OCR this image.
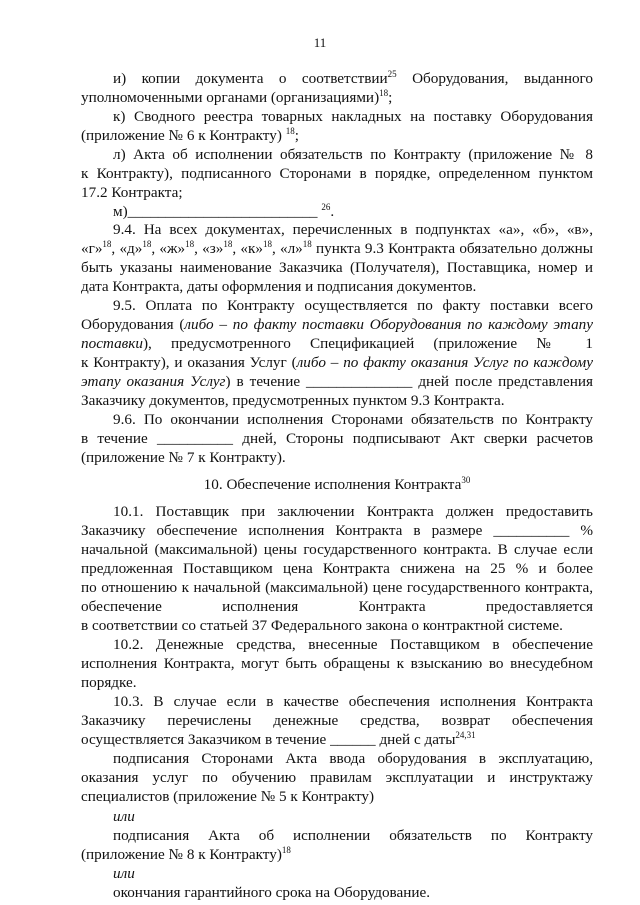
11
и) копии документа о соответствии$^{25}$ Оборудования, выданного
уполномоченными органами (организациями)$^{18}$;
к) Сводного реестра товарных накладных на поставку Оборудования
(приложение № 6 к Контракту) $^{18}$;
л) Акта об исполнении обязательств по Контракту (приложение № 8
к Контракту), подписанного Сторонами в порядке, определенном пунктом
17.2 Контракта;
м)_________________________ $^{26}$.
9.4. На всех документах, перечисленных в подпунктах «а», «б», «в»,
«г»$^{18}$, «д»$^{18}$, «ж»$^{18}$, «з»$^{18}$, «к»$^{18}$, «л»$^{18}$ пункта 9.3 Контракта обязательно должны
быть указаны наименование Заказчика (Получателя), Поставщика, номер и
дата Контракта, даты оформления и подписания документов.
9.5. Оплата по Контракту осуществляется по факту поставки всего
Оборудования (либо – по факту поставки Оборудования по каждому этапу
поставки), предусмотренного Спецификацией (приложение № 1
к Контракту), и оказания Услуг (либо – по факту оказания Услуг по каждому
этапу оказания Услуг) в течение ______________ дней после представления
Заказчику документов, предусмотренных пунктом 9.3 Контракта.
9.6. По окончании исполнения Сторонами обязательств по Контракту
в течение __________ дней, Стороны подписывают Акт сверки расчетов
(приложение № 7 к Контракту).
10. Обеспечение исполнения Контракта$^{30}$
10.1. Поставщик при заключении Контракта должен предоставить
Заказчику обеспечение исполнения Контракта в размере __________ %
начальной (максимальной) цены государственного контракта. В случае если
предложенная Поставщиком цена Контракта снижена на 25 % и более
по отношению к начальной (максимальной) цене государственного контракта,
обеспечение исполнения Контракта предоставляется
в соответствии со статьей 37 Федерального закона о контрактной системе.
10.2. Денежные средства, внесенные Поставщиком в обеспечение
исполнения Контракта, могут быть обращены к взысканию во внесудебном
порядке.
10.3. В случае если в качестве обеспечения исполнения Контракта
Заказчику перечислены денежные средства, возврат обеспечения
осуществляется Заказчиком в течение ______ дней с даты$^{24,31}$
подписания Сторонами Акта ввода оборудования в эксплуатацию,
оказания услуг по обучению правилам эксплуатации и инструктажу
специалистов (приложение № 5 к Контракту)
или
подписания Акта об исполнении обязательств по Контракту
(приложение № 8 к Контракту)$^{18}$
или
окончания гарантийного срока на Оборудование.
